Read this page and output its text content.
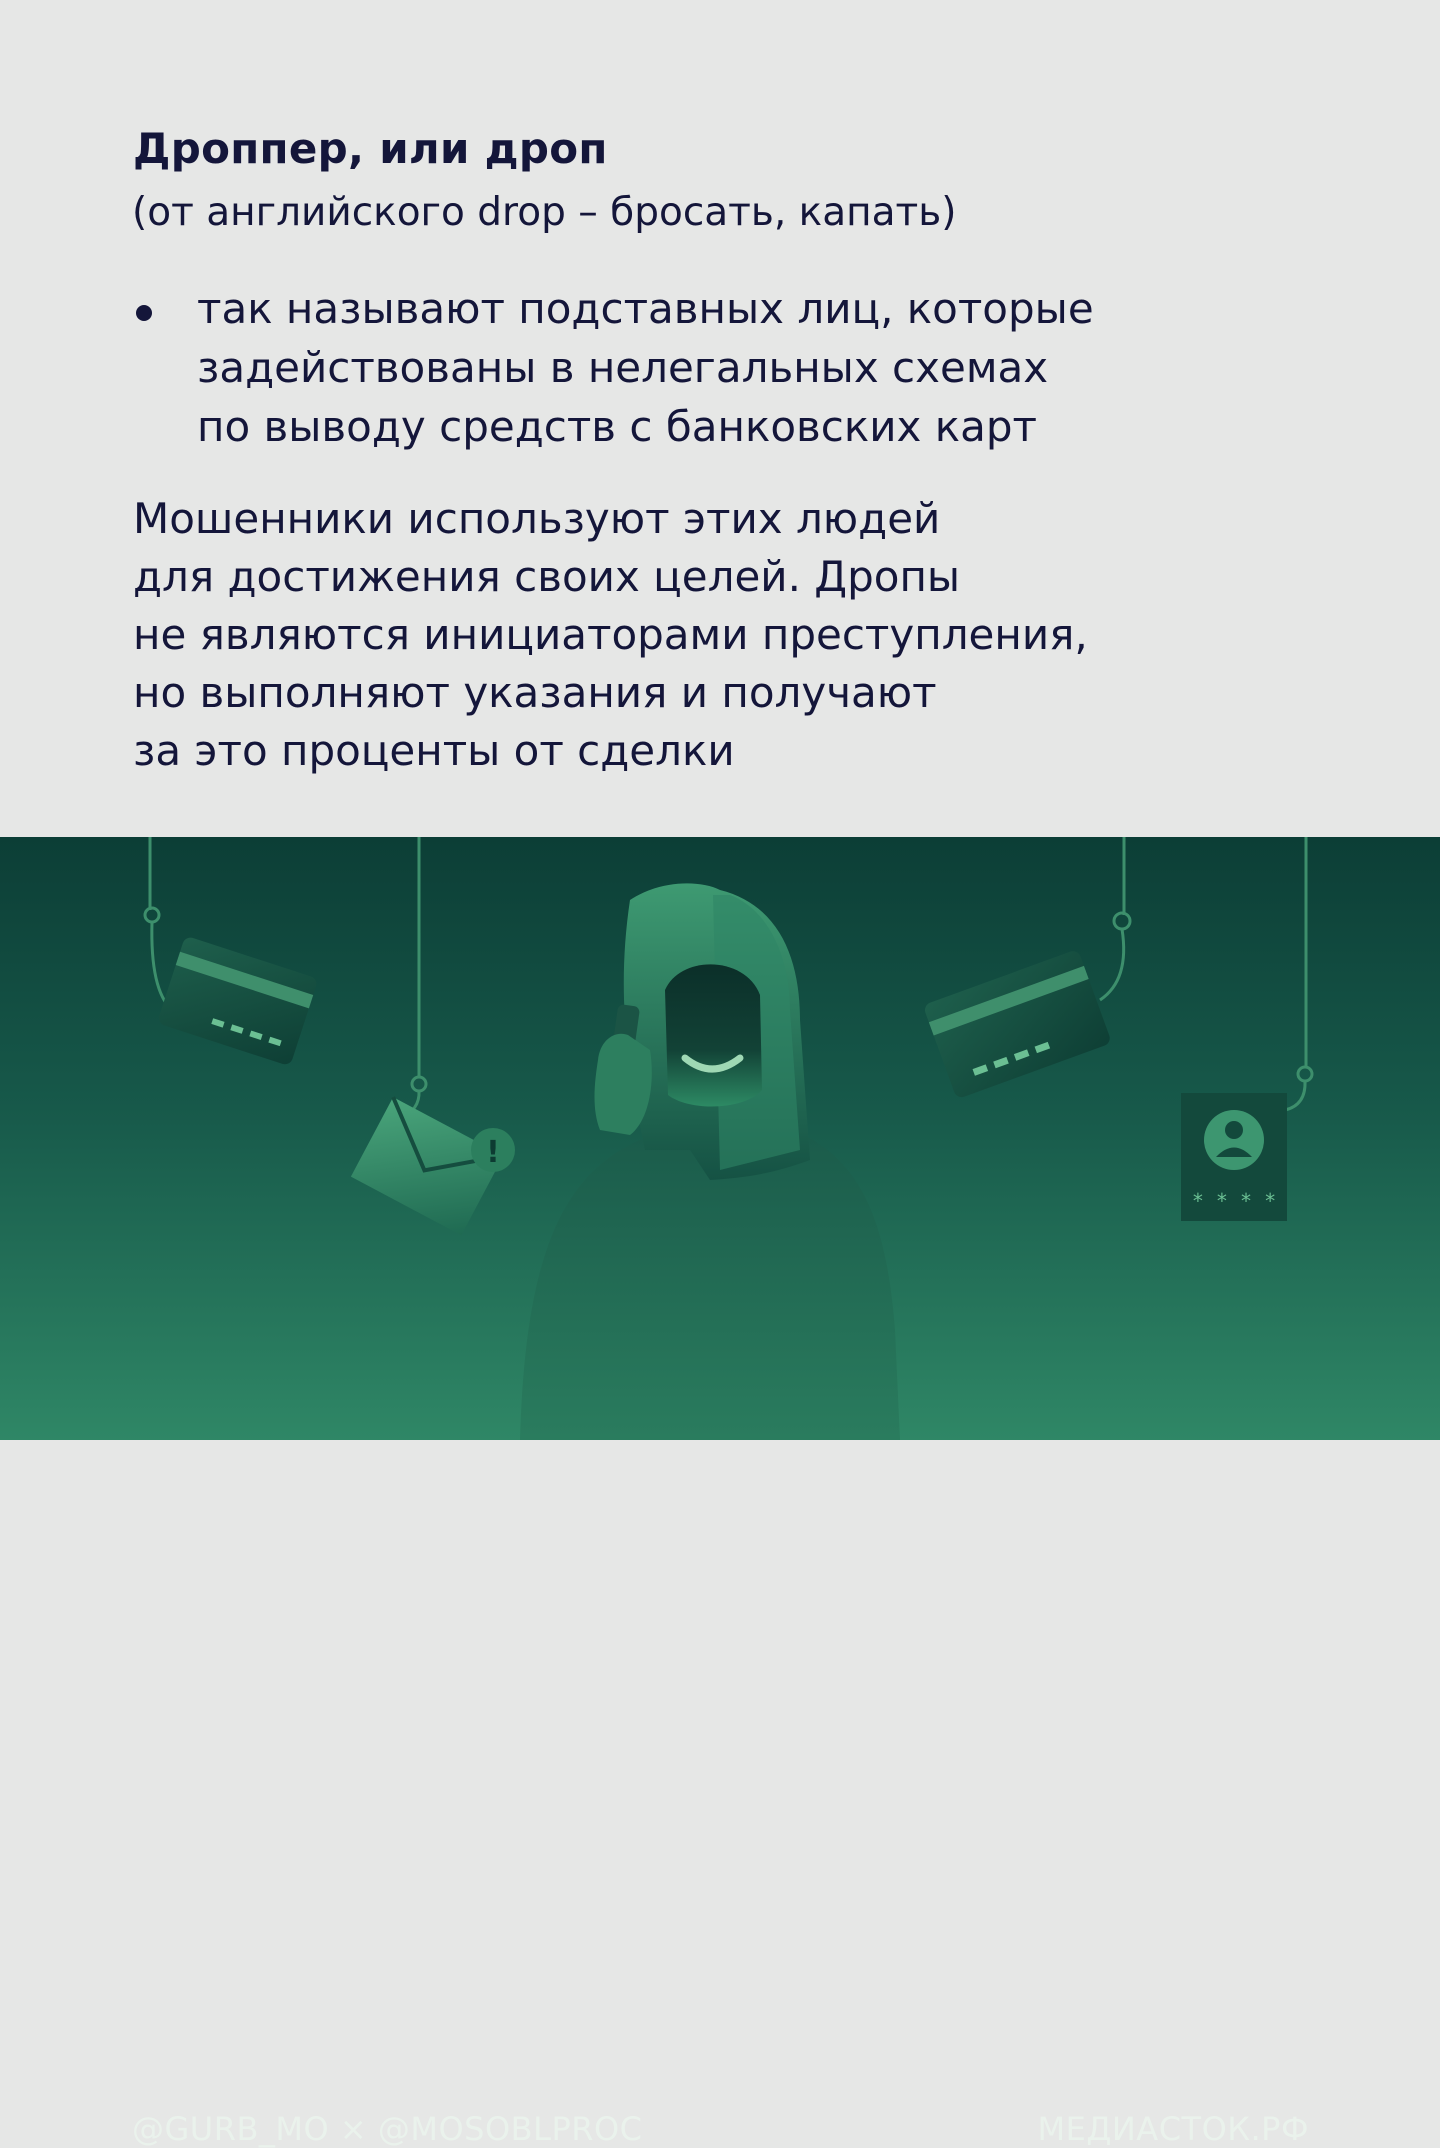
Дроппер, или дроп

(от английского drop – бросать, капать)

так называют подставных лиц, которые
задействованы в нелегальных схемах
по выводу средств с банковских карт

Мошенники используют этих людей
для достижения своих целей. Дропы
не являются инициаторами преступления,
но выполняют указания и получают
за это проценты от сделки

!
* * * *
@GURB_MO × @MOSOBLPROC	МЕДИАСТОК.РФ
